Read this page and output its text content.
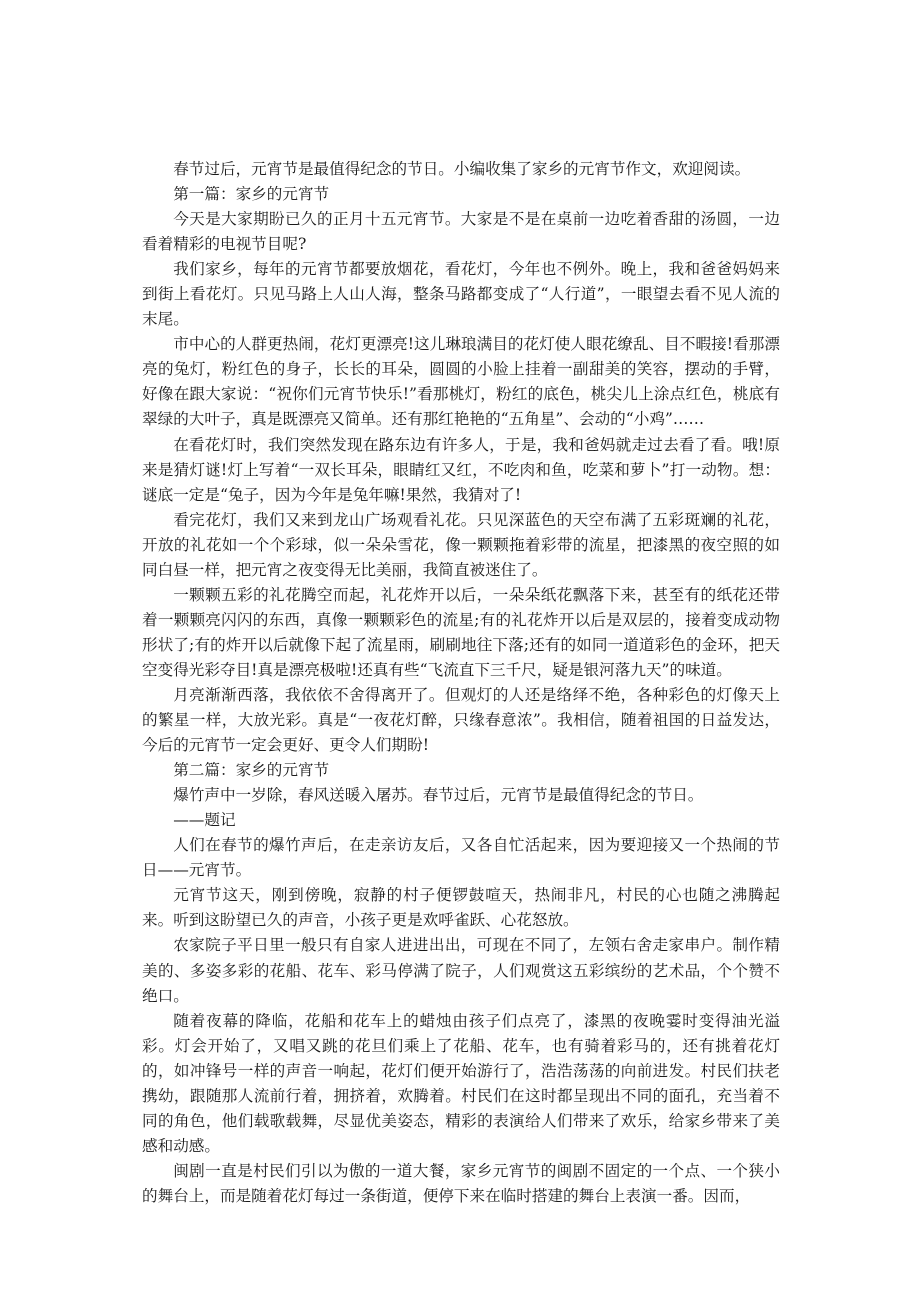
春节过后，元宵节是最值得纪念的节日。小编收集了家乡的元宵节作文，欢迎阅读。

第一篇：家乡的元宵节

今天是大家期盼已久的正月十五元宵节。大家是不是在桌前一边吃着香甜的汤圆，一边看着精彩的电视节目呢?

我们家乡，每年的元宵节都要放烟花，看花灯，今年也不例外。晚上，我和爸爸妈妈来到街上看花灯。只见马路上人山人海，整条马路都变成了“人行道”，一眼望去看不见人流的末尾。

市中心的人群更热闹，花灯更漂亮!这儿琳琅满目的花灯使人眼花缭乱、目不暇接!看那漂亮的兔灯，粉红色的身子，长长的耳朵，圆圆的小脸上挂着一副甜美的笑容，摆动的手臂，好像在跟大家说：“祝你们元宵节快乐!”看那桃灯，粉红的底色，桃尖儿上涂点红色，桃底有翠绿的大叶子，真是既漂亮又简单。还有那红艳艳的“五角星”、会动的“小鸡”……

在看花灯时，我们突然发现在路东边有许多人，于是，我和爸妈就走过去看了看。哦!原来是猜灯谜!灯上写着“一双长耳朵，眼睛红又红，不吃肉和鱼，吃菜和萝卜”打一动物。想：谜底一定是“兔子，因为今年是兔年嘛!果然，我猜对了!

看完花灯，我们又来到龙山广场观看礼花。只见深蓝色的天空布满了五彩斑斓的礼花，开放的礼花如一个个彩球，似一朵朵雪花，像一颗颗拖着彩带的流星，把漆黑的夜空照的如同白昼一样，把元宵之夜变得无比美丽，我简直被迷住了。

一颗颗五彩的礼花腾空而起，礼花炸开以后，一朵朵纸花飘落下来，甚至有的纸花还带着一颗颗亮闪闪的东西，真像一颗颗彩色的流星;有的礼花炸开以后是双层的，接着变成动物形状了;有的炸开以后就像下起了流星雨，刷刷地往下落;还有的如同一道道彩色的金环，把天空变得光彩夺目!真是漂亮极啦!还真有些“飞流直下三千尺，疑是银河落九天”的味道。

月亮渐渐西落，我依依不舍得离开了。但观灯的人还是络绎不绝，各种彩色的灯像天上的繁星一样，大放光彩。真是“一夜花灯醉，只缘春意浓”。我相信，随着祖国的日益发达，今后的元宵节一定会更好、更令人们期盼!

第二篇：家乡的元宵节

爆竹声中一岁除，春风送暖入屠苏。春节过后，元宵节是最值得纪念的节日。

——题记

人们在春节的爆竹声后，在走亲访友后，又各自忙活起来，因为要迎接又一个热闹的节日——元宵节。

元宵节这天，刚到傍晚，寂静的村子便锣鼓喧天，热闹非凡，村民的心也随之沸腾起来。听到这盼望已久的声音，小孩子更是欢呼雀跃、心花怒放。

农家院子平日里一般只有自家人进进出出，可现在不同了，左领右舍走家串户。制作精美的、多姿多彩的花船、花车、彩马停满了院子，人们观赏这五彩缤纷的艺术品，个个赞不绝口。

随着夜幕的降临，花船和花车上的蜡烛由孩子们点亮了，漆黑的夜晚霎时变得油光溢彩。灯会开始了，又唱又跳的花旦们乘上了花船、花车，也有骑着彩马的，还有挑着花灯的，如冲锋号一样的声音一响起，花灯们便开始游行了，浩浩荡荡的向前进发。村民们扶老携幼，跟随那人流前行着，拥挤着，欢腾着。村民们在这时都呈现出不同的面孔，充当着不同的角色，他们载歌载舞，尽显优美姿态，精彩的表演给人们带来了欢乐，给家乡带来了美感和动感。

闽剧一直是村民们引以为傲的一道大餐，家乡元宵节的闽剧不固定的一个点、一个狭小的舞台上，而是随着花灯每过一条街道，便停下来在临时搭建的舞台上表演一番。因而，
